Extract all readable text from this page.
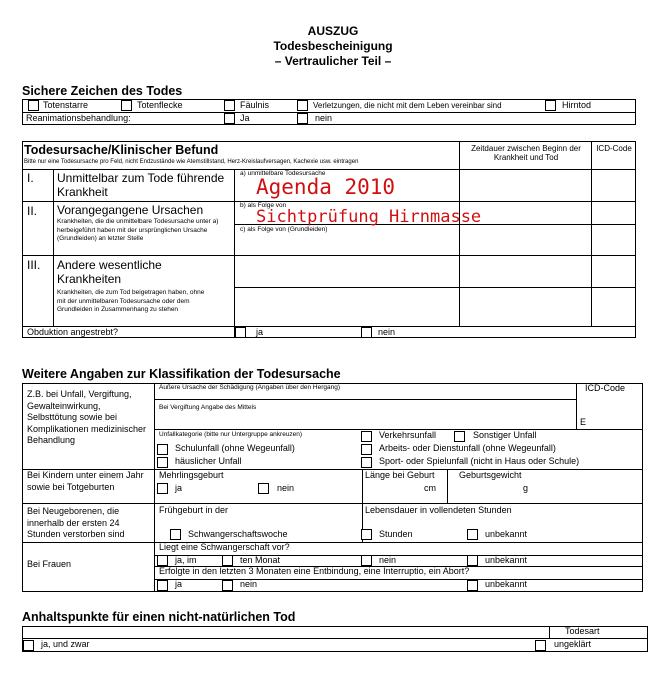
AUSZUG
Todesbescheinigung
– Vertraulicher Teil –
Sichere Zeichen des Todes
Totenstarre	Totenflecke	Fäulnis	Verletzungen, die nicht mit dem Leben vereinbar sind	Hirntod
Reanimationsbehandlung:	Ja	nein
Todesursache/Klinischer Befund
Bitte nur eine Todesursache pro Feld, nicht Endzustände wie Atemstillstand, Herz-Kreislaufversagen, Kachexie usw. eintragen
Zeitdauer zwischen Beginn der Krankheit und Tod
ICD-Code
I. Unmittelbar zum Tode führende Krankheit
a) unmittelbare Todesursache
Agenda 2010
II. Vorangegangene Ursachen
Krankheiten, die die unmittelbare Todesursache unter a) herbeigeführt haben mit der ursprünglichen Ursache (Grundleiden) an letzter Stelle
b) als Folge von
Sichtprüfung Hirnmasse
c) als Folge von (Grundleiden)
III. Andere wesentliche Krankheiten
Krankheiten, die zum Tod beigetragen haben, ohne mit der unmittelbaren Todesursache oder dem Grundleiden in Zusammenhang zu stehen
Obduktion angestrebt?	ja	nein
Weitere Angaben zur Klassifikation der Todesursache
Z.B. bei Unfall, Vergiftung, Gewalteinwirkung, Selbsttötung sowie bei Komplikationen medizinischer Behandlung
Äußere Ursache der Schädigung (Angaben über den Hergang)	ICD-Code
Bei Vergiftung Angabe des Mittels
E
Unfallkategorie (bitte nur Untergruppe ankreuzen)	Verkehrsunfall	Sonstiger Unfall
Schulunfall (ohne Wegeunfall)	Arbeits- oder Dienstunfall (ohne Wegeunfall)
häuslicher Unfall	Sport- oder Spielunfall (nicht in Haus oder Schule)
Bei Kindern unter einem Jahr sowie bei Totgeburten
Mehrlingsgeburt	Länge bei Geburt	Geburtsgewicht
ja	nein	cm	g
Bei Neugeborenen, die innerhalb der ersten 24 Stunden verstorben sind
Frühgeburt in der	Lebensdauer in vollendeten Stunden
Schwangerschaftswoche	Stunden	unbekannt
Bei Frauen
Liegt eine Schwangerschaft vor?
ja, im	ten Monat	nein	unbekannt
Erfolgte in den letzten 3 Monaten eine Entbindung, eine Interruptio, ein Abort?
ja	nein	unbekannt
Anhaltspunkte für einen nicht-natürlichen Tod
Todesart
ja, und zwar	ungeklärt
